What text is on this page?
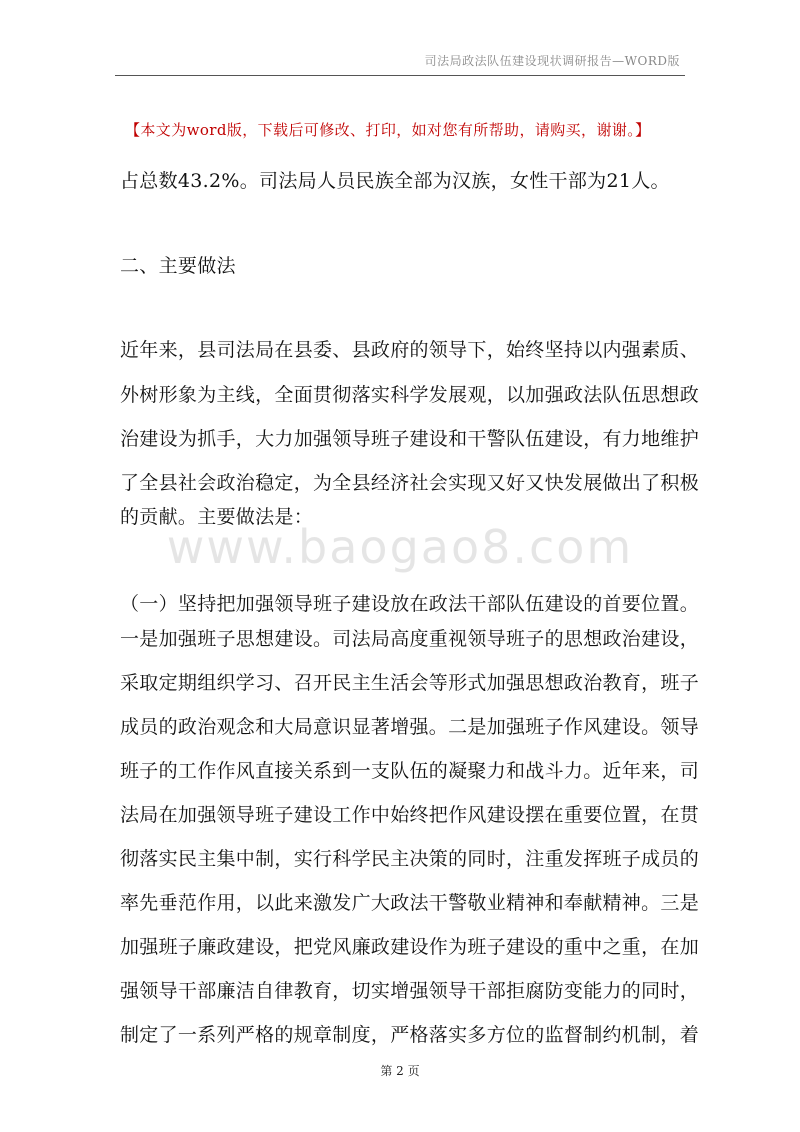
司法局政法队伍建设现状调研报告—WORD版
【本文为word版，下载后可修改、打印，如对您有所帮助，请购买，谢谢。】
占总数43.2%。司法局人员民族全部为汉族，女性干部为21人。
二、主要做法
近年来，县司法局在县委、县政府的领导下，始终坚持以内强素质、
外树形象为主线，全面贯彻落实科学发展观，以加强政法队伍思想政
治建设为抓手，大力加强领导班子建设和干警队伍建设，有力地维护
了全县社会政治稳定，为全县经济社会实现又好又快发展做出了积极
的贡献。主要做法是：
（一）坚持把加强领导班子建设放在政法干部队伍建设的首要位置。
一是加强班子思想建设。司法局高度重视领导班子的思想政治建设，
采取定期组织学习、召开民主生活会等形式加强思想政治教育，班子
成员的政治观念和大局意识显著增强。二是加强班子作风建设。领导
班子的工作作风直接关系到一支队伍的凝聚力和战斗力。近年来，司
法局在加强领导班子建设工作中始终把作风建设摆在重要位置，在贯
彻落实民主集中制，实行科学民主决策的同时，注重发挥班子成员的
率先垂范作用，以此来激发广大政法干警敬业精神和奉献精神。三是
加强班子廉政建设，把党风廉政建设作为班子建设的重中之重，在加
强领导干部廉洁自律教育，切实增强领导干部拒腐防变能力的同时，
制定了一系列严格的规章制度，严格落实多方位的监督制约机制，着
www.baogao8.com
第 2 页
